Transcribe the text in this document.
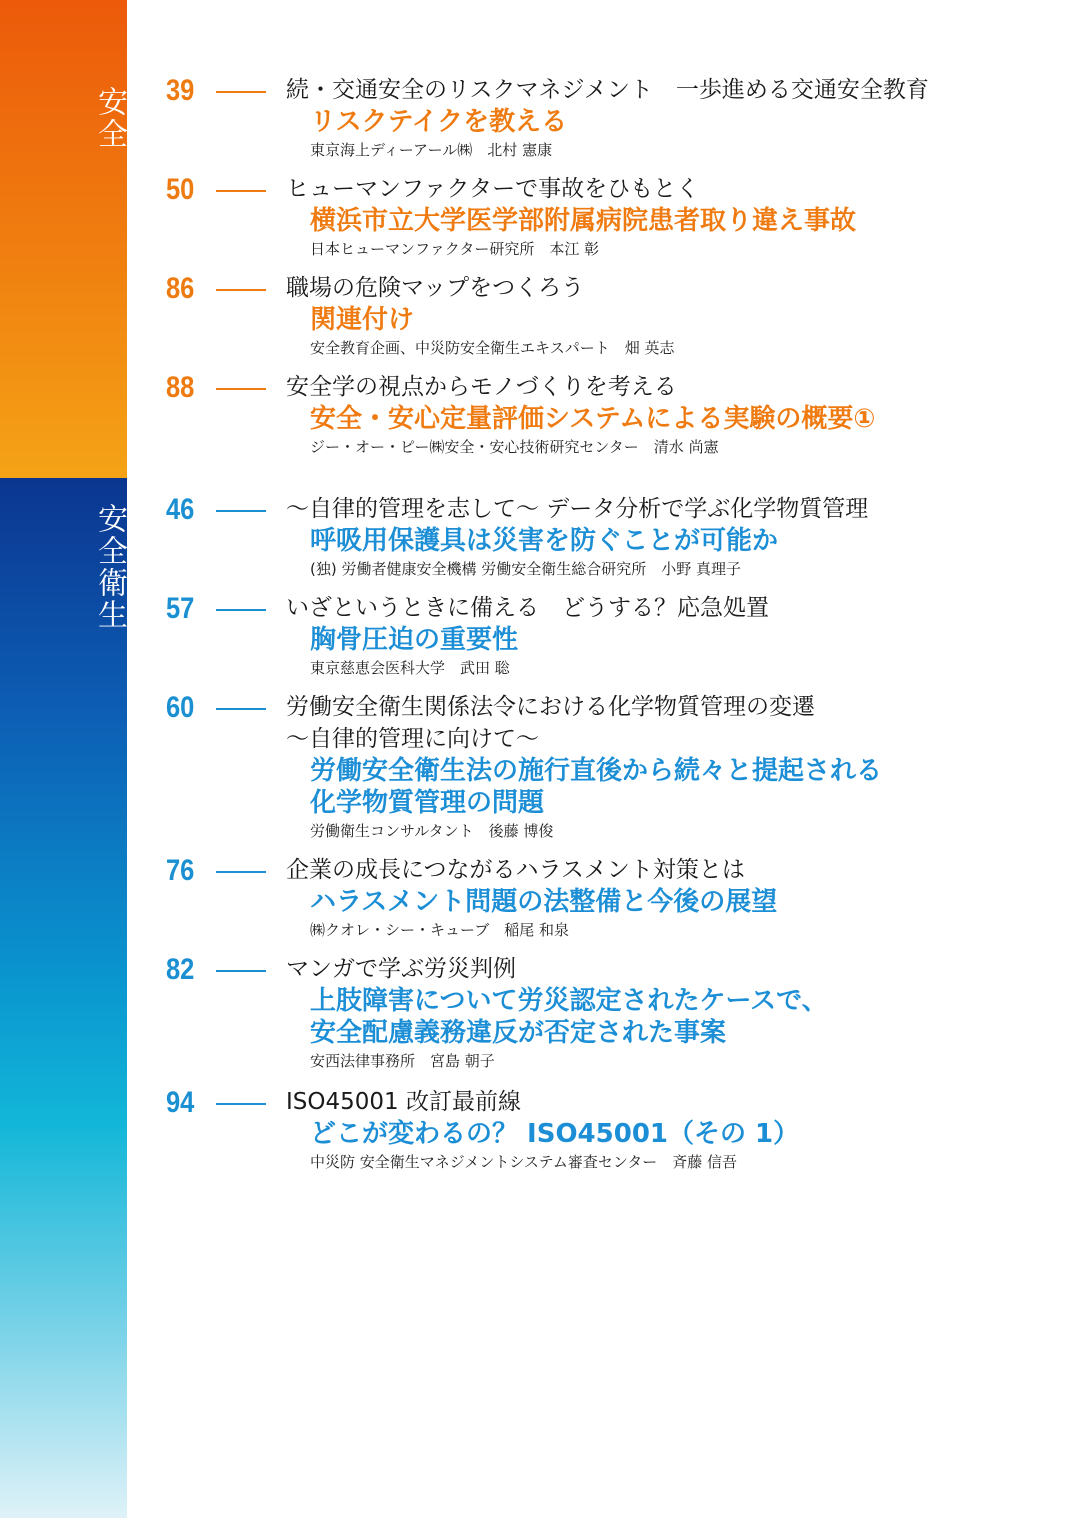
安全
安全衛生
39	続・交通安全のリスクマネジメント　一歩進める交通安全教育
リスクテイクを教える
東京海上ディーアール㈱　北村 憲康
50	ヒューマンファクターで事故をひもとく
横浜市立大学医学部附属病院患者取り違え事故
日本ヒューマンファクター研究所　本江 彰
86	職場の危険マップをつくろう
関連付け
安全教育企画、中災防安全衛生エキスパート　畑 英志
88	安全学の視点からモノづくりを考える
安全・安心定量評価システムによる実験の概要①
ジー・オー・ピー㈱安全・安心技術研究センター　清水 尚憲
46	～自律的管理を志して～ データ分析で学ぶ化学物質管理
呼吸用保護具は災害を防ぐことが可能か
(独) 労働者健康安全機構 労働安全衛生総合研究所　小野 真理子
57	いざというときに備える　どうする？応急処置
胸骨圧迫の重要性
東京慈恵会医科大学　武田 聡
60	労働安全衛生関係法令における化学物質管理の変遷
～自律的管理に向けて～
労働安全衛生法の施行直後から続々と提起される
化学物質管理の問題
労働衛生コンサルタント　後藤 博俊
76	企業の成長につながるハラスメント対策とは
ハラスメント問題の法整備と今後の展望
㈱クオレ・シー・キューブ　稲尾 和泉
82	マンガで学ぶ労災判例
上肢障害について労災認定されたケースで、
安全配慮義務違反が否定された事案
安西法律事務所　宮島 朝子
94	ISO45001 改訂最前線
どこが変わるの？ ISO45001（その 1）
中災防 安全衛生マネジメントシステム審査センター　斉藤 信吾
